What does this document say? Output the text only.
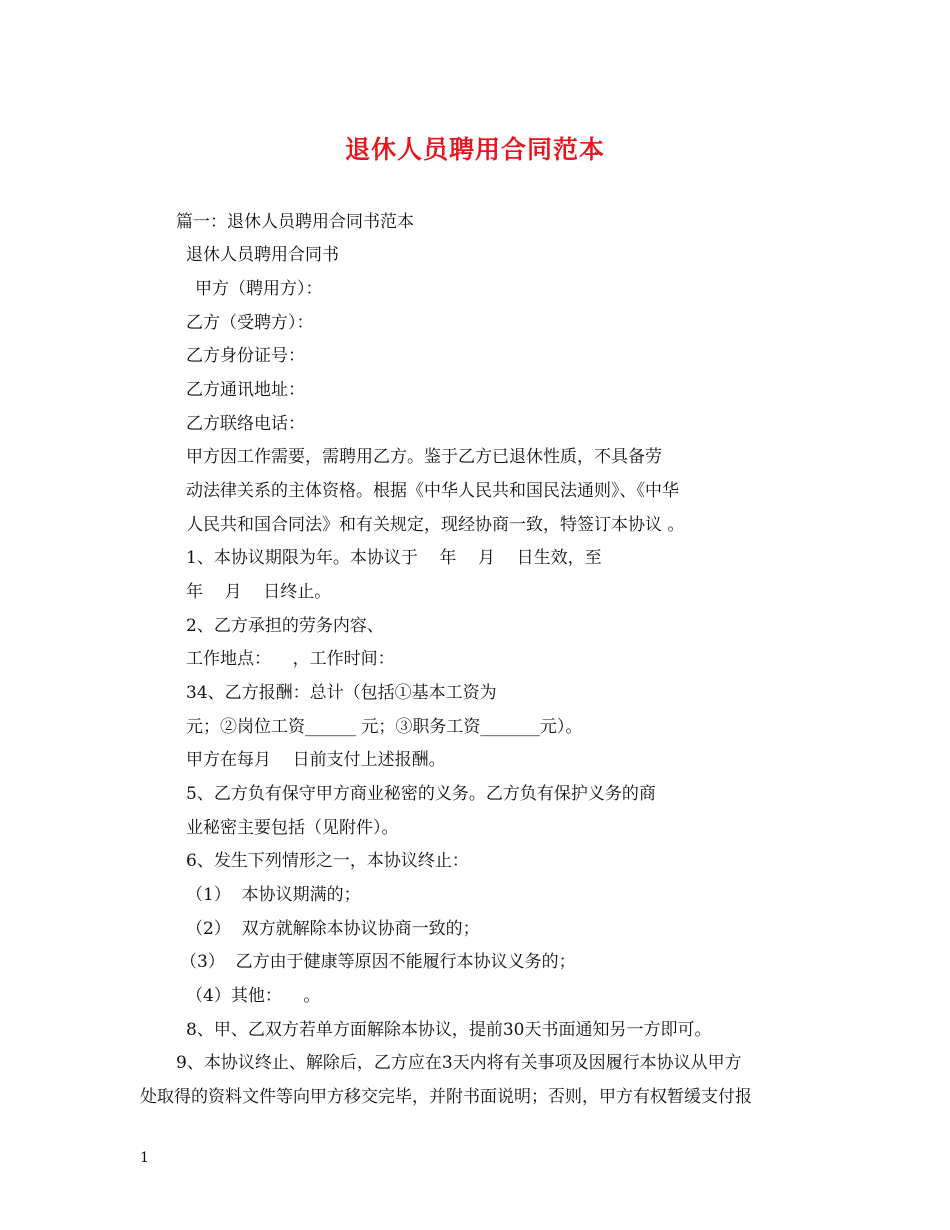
退休人员聘用合同范本
篇一：退休人员聘用合同书范本
退休人员聘用合同书
甲方（聘用方）：
乙方（受聘方）：
乙方身份证号：
乙方通讯地址：
乙方联络电话：
甲方因工作需要，需聘用乙方。鉴于乙方已退休性质，不具备劳
动法律关系的主体资格。根据《中华人民共和国民法通则》、《中华
人民共和国合同法》和有关规定，现经协商一致，特签订本协议 。
1、本协议期限为年。本协议于    年    月    日生效，至
年    月    日终止。
2、乙方承担的劳务内容、
工作地点：    ，工作时间：
34、乙方报酬：总计（包括①基本工资为
元；②岗位工资______ 元；③职务工资_______元）。
甲方在每月    日前支付上述报酬。
5、乙方负有保守甲方商业秘密的义务。乙方负有保护义务的商
业秘密主要包括（见附件）。
6、发生下列情形之一，本协议终止：
（1）  本协议期满的；
（2）  双方就解除本协议协商一致的；
（3）  乙方由于健康等原因不能履行本协议义务的；
（4）其他：    。
8、甲、乙双方若单方面解除本协议，提前30天书面通知另一方即可。
9、本协议终止、解除后，乙方应在3天内将有关事项及因履行本协议从甲方
处取得的资料文件等向甲方移交完毕，并附书面说明；否则，甲方有权暂缓支付报
1
